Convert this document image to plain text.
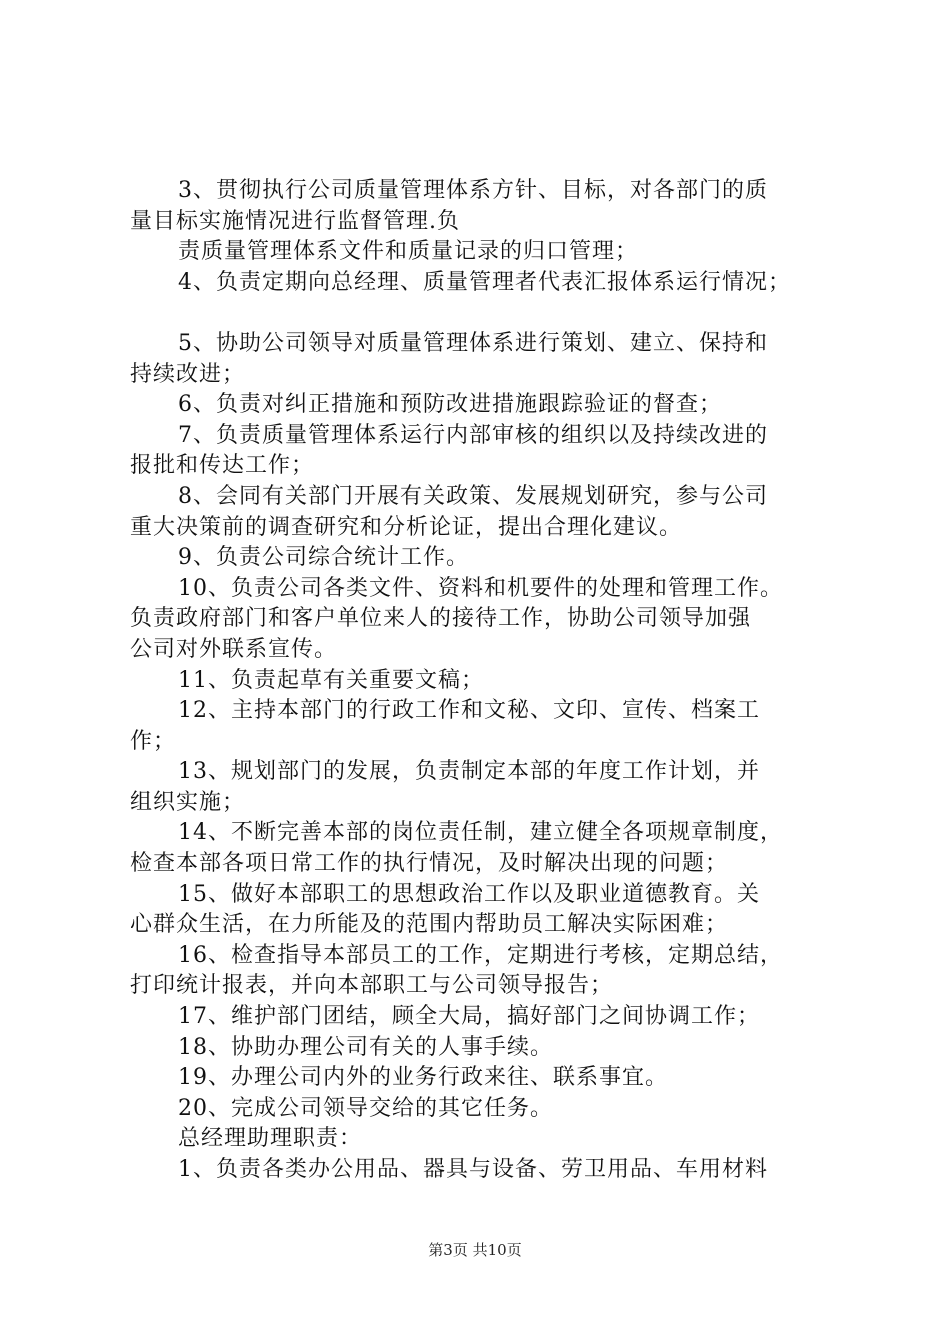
3、贯彻执行公司质量管理体系方针、目标，对各部门的质
量目标实施情况进行监督管理.负
责质量管理体系文件和质量记录的归口管理；
4、负责定期向总经理、质量管理者代表汇报体系运行情况；
5、协助公司领导对质量管理体系进行策划、建立、保持和
持续改进；
6、负责对纠正措施和预防改进措施跟踪验证的督查；
7、负责质量管理体系运行内部审核的组织以及持续改进的
报批和传达工作；
8、会同有关部门开展有关政策、发展规划研究，参与公司
重大决策前的调查研究和分析论证，提出合理化建议。
9、负责公司综合统计工作。
10、负责公司各类文件、资料和机要件的处理和管理工作。
负责政府部门和客户单位来人的接待工作，协助公司领导加强
公司对外联系宣传。
11、负责起草有关重要文稿；
12、主持本部门的行政工作和文秘、文印、宣传、档案工
作；
13、规划部门的发展，负责制定本部的年度工作计划，并
组织实施；
14、不断完善本部的岗位责任制，建立健全各项规章制度，
检查本部各项日常工作的执行情况，及时解决出现的问题；
15、做好本部职工的思想政治工作以及职业道德教育。关
心群众生活，在力所能及的范围内帮助员工解决实际困难；
16、检查指导本部员工的工作，定期进行考核，定期总结，
打印统计报表，并向本部职工与公司领导报告；
17、维护部门团结，顾全大局，搞好部门之间协调工作；
18、协助办理公司有关的人事手续。
19、办理公司内外的业务行政来往、联系事宜。
20、完成公司领导交给的其它任务。
总经理助理职责：
1、负责各类办公用品、器具与设备、劳卫用品、车用材料
第3页 共10页
